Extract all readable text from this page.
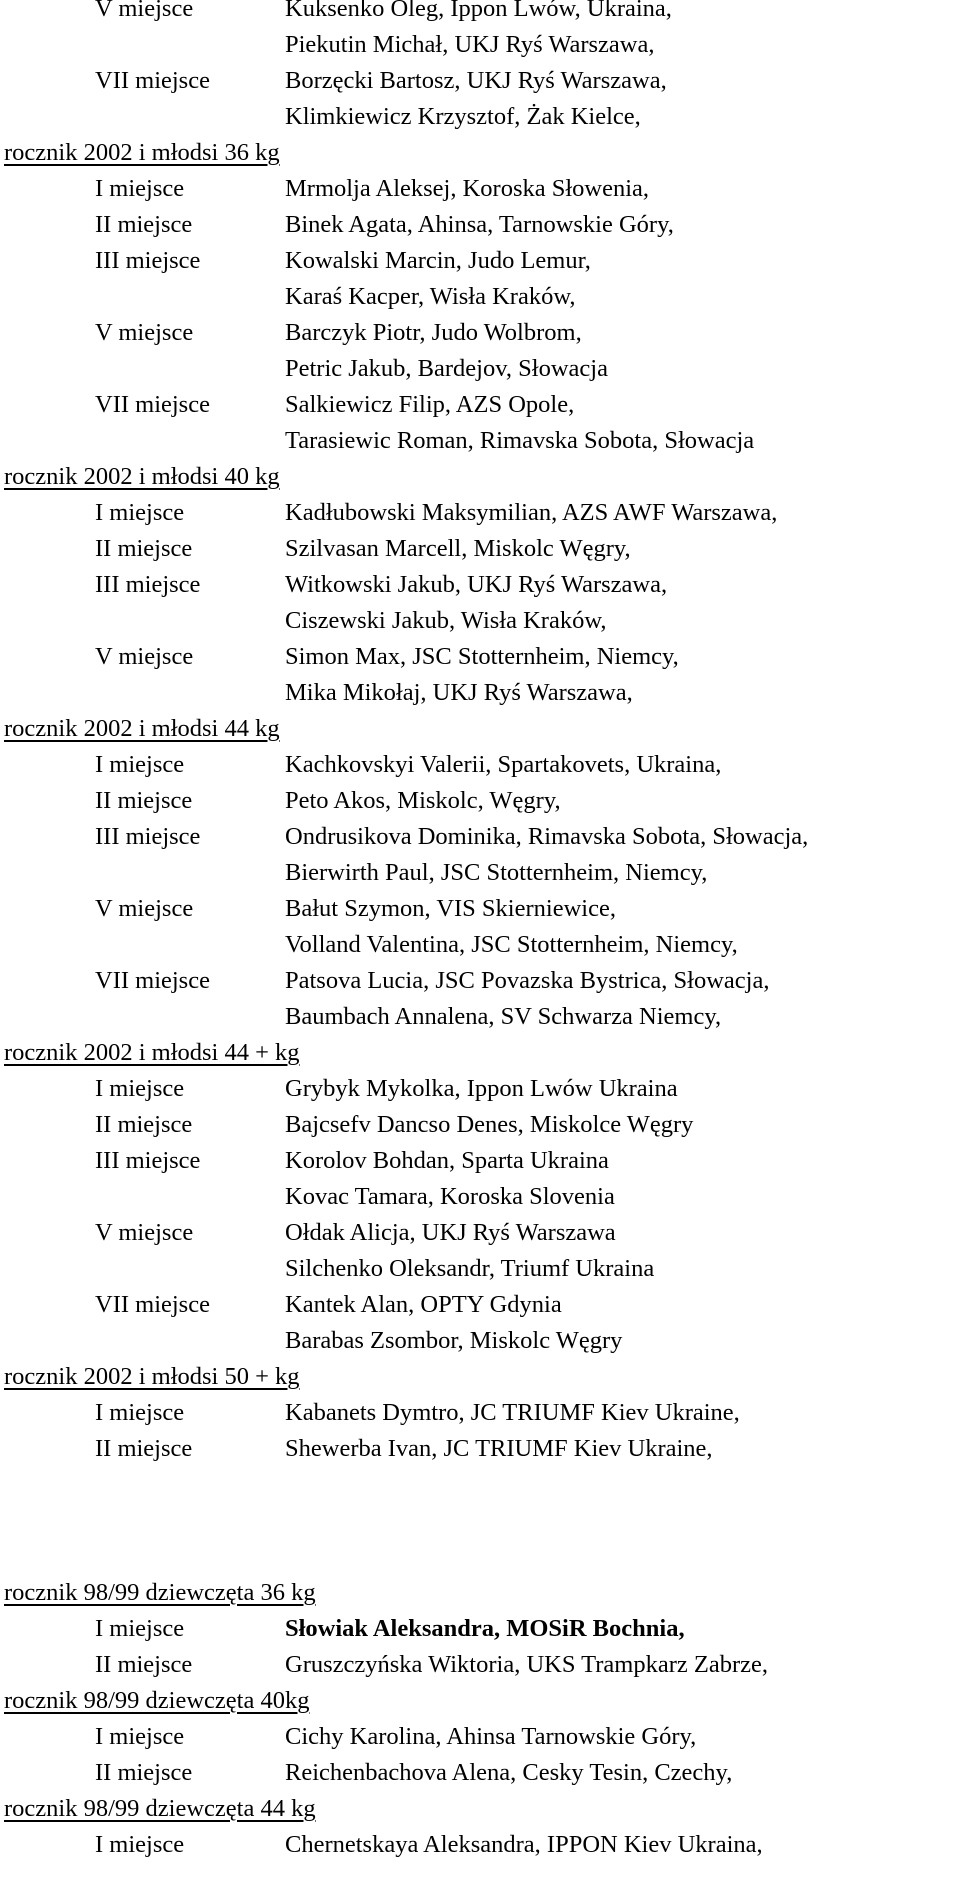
V miejsce	Kuksenko Oleg, Ippon Lwów, Ukraina,
Piekutin Michał, UKJ Ryś Warszawa,
VII miejsce	Borzęcki Bartosz, UKJ Ryś Warszawa,
Klimkiewicz Krzysztof, Żak Kielce,
rocznik 2002 i młodsi 36 kg
I miejsce	Mrmolja Aleksej, Koroska Słowenia,
II miejsce	Binek Agata, Ahinsa, Tarnowskie Góry,
III miejsce	Kowalski Marcin, Judo Lemur,
Karaś Kacper, Wisła Kraków,
V miejsce	Barczyk Piotr, Judo Wolbrom,
Petric Jakub, Bardejov, Słowacja
VII miejsce	Salkiewicz Filip, AZS Opole,
Tarasiewic Roman, Rimavska Sobota, Słowacja
rocznik 2002 i młodsi 40 kg
I miejsce	Kadłubowski Maksymilian, AZS AWF Warszawa,
II miejsce	Szilvasan Marcell, Miskolc Węgry,
III miejsce	Witkowski Jakub, UKJ Ryś Warszawa,
Ciszewski Jakub, Wisła Kraków,
V miejsce	Simon Max, JSC Stotternheim, Niemcy,
Mika Mikołaj, UKJ Ryś Warszawa,
rocznik 2002 i młodsi 44 kg
I miejsce	Kachkovskyi Valerii, Spartakovets, Ukraina,
II miejsce	Peto Akos, Miskolc, Węgry,
III miejsce	Ondrusikova Dominika, Rimavska Sobota, Słowacja,
Bierwirth Paul, JSC Stotternheim, Niemcy,
V miejsce	Bałut Szymon, VIS Skierniewice,
Volland Valentina, JSC Stotternheim, Niemcy,
VII miejsce	Patsova Lucia, JSC Povazska Bystrica, Słowacja,
Baumbach Annalena, SV Schwarza Niemcy,
rocznik 2002 i młodsi 44 + kg
I miejsce	Grybyk Mykolka, Ippon Lwów Ukraina
II miejsce	Bajcsefv Dancso Denes, Miskolce Węgry
III miejsce	Korolov Bohdan, Sparta Ukraina
Kovac Tamara, Koroska Slovenia
V miejsce	Ołdak Alicja, UKJ Ryś Warszawa
Silchenko Oleksandr, Triumf Ukraina
VII miejsce	Kantek Alan, OPTY Gdynia
Barabas Zsombor, Miskolc Węgry
rocznik 2002 i młodsi 50 + kg
I miejsce	Kabanets Dymtro, JC TRIUMF Kiev Ukraine,
II miejsce	Shewerba Ivan, JC TRIUMF Kiev Ukraine,
rocznik 98/99 dziewczęta 36 kg
I miejsce	Słowiak Aleksandra, MOSiR Bochnia,
II miejsce	Gruszczyńska Wiktoria, UKS Trampkarz Zabrze,
rocznik 98/99 dziewczęta 40kg
I miejsce	Cichy Karolina, Ahinsa Tarnowskie Góry,
II miejsce	Reichenbachova Alena, Cesky Tesin, Czechy,
rocznik 98/99 dziewczęta 44 kg
I miejsce	Chernetskaya Aleksandra, IPPON Kiev Ukraina,
